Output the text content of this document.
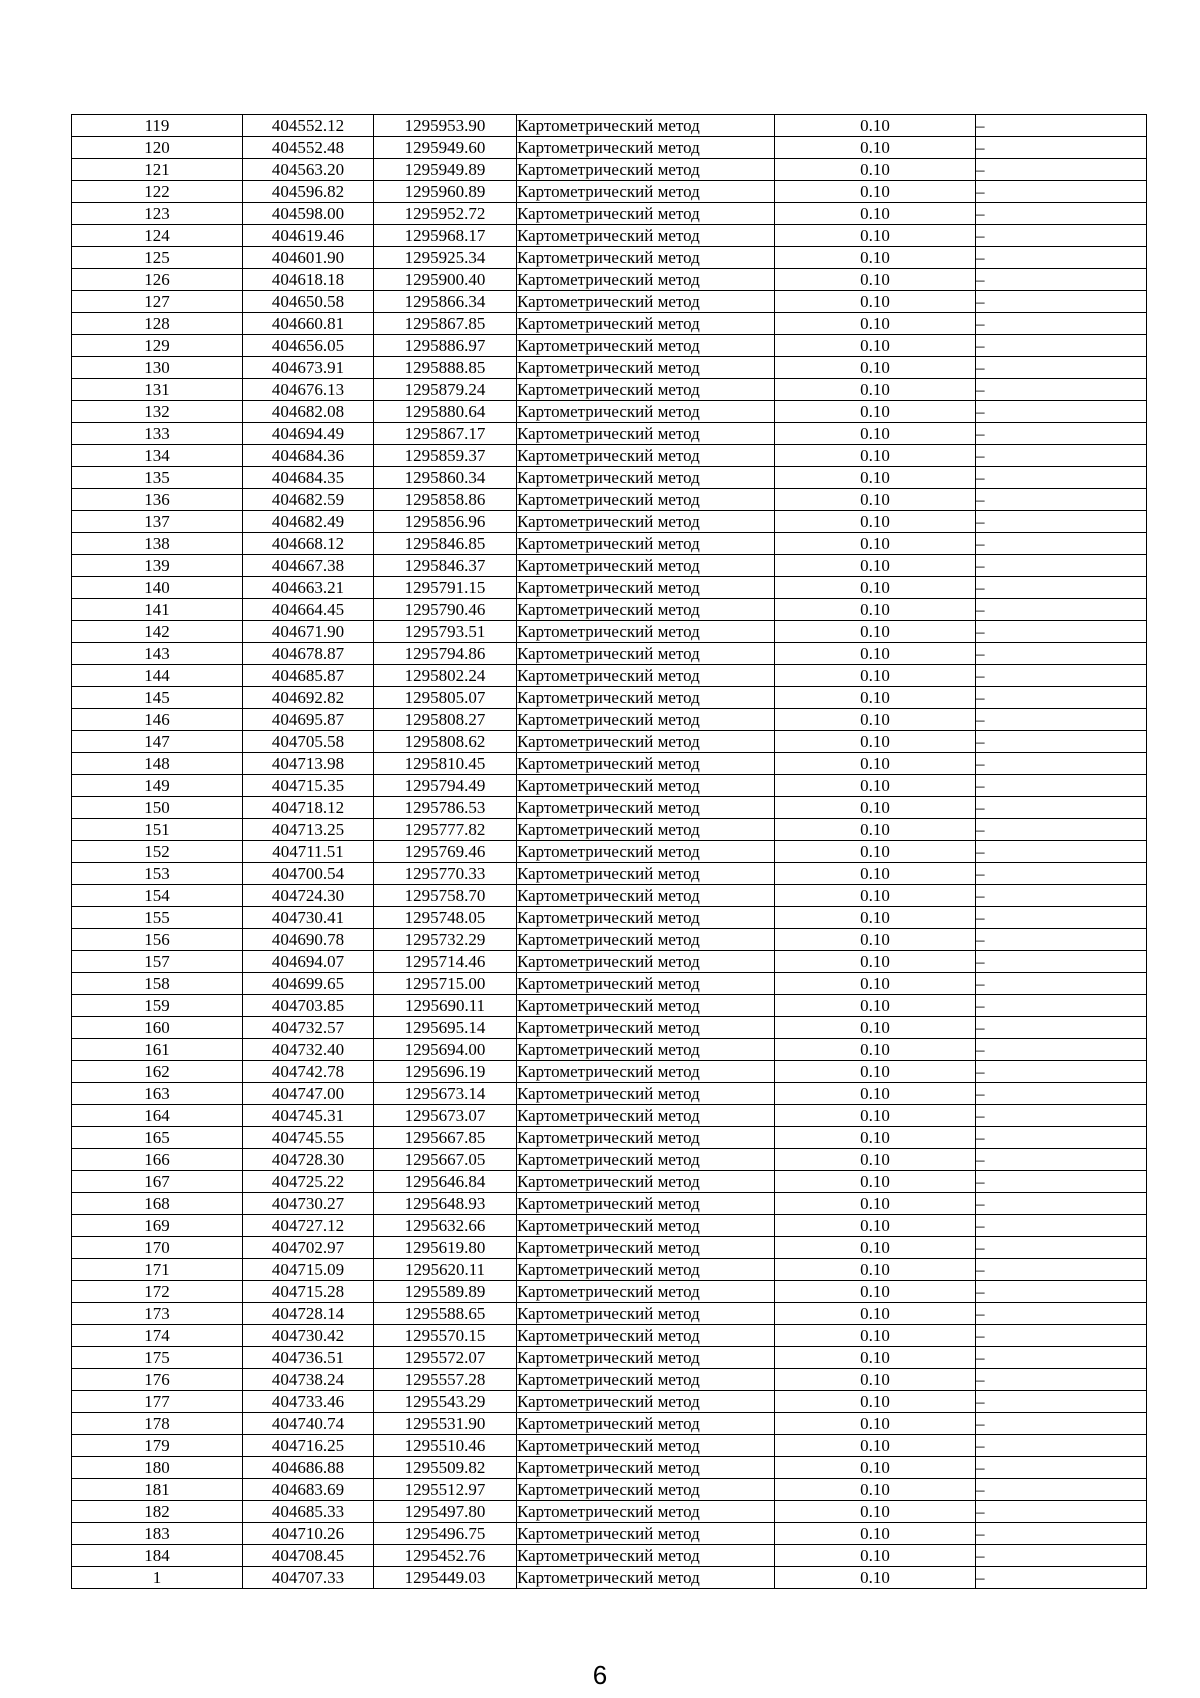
119	404552.12	1295953.90	Картометрический метод	0.10	–
120	404552.48	1295949.60	Картометрический метод	0.10	–
121	404563.20	1295949.89	Картометрический метод	0.10	–
122	404596.82	1295960.89	Картометрический метод	0.10	–
123	404598.00	1295952.72	Картометрический метод	0.10	–
124	404619.46	1295968.17	Картометрический метод	0.10	–
125	404601.90	1295925.34	Картометрический метод	0.10	–
126	404618.18	1295900.40	Картометрический метод	0.10	–
127	404650.58	1295866.34	Картометрический метод	0.10	–
128	404660.81	1295867.85	Картометрический метод	0.10	–
129	404656.05	1295886.97	Картометрический метод	0.10	–
130	404673.91	1295888.85	Картометрический метод	0.10	–
131	404676.13	1295879.24	Картометрический метод	0.10	–
132	404682.08	1295880.64	Картометрический метод	0.10	–
133	404694.49	1295867.17	Картометрический метод	0.10	–
134	404684.36	1295859.37	Картометрический метод	0.10	–
135	404684.35	1295860.34	Картометрический метод	0.10	–
136	404682.59	1295858.86	Картометрический метод	0.10	–
137	404682.49	1295856.96	Картометрический метод	0.10	–
138	404668.12	1295846.85	Картометрический метод	0.10	–
139	404667.38	1295846.37	Картометрический метод	0.10	–
140	404663.21	1295791.15	Картометрический метод	0.10	–
141	404664.45	1295790.46	Картометрический метод	0.10	–
142	404671.90	1295793.51	Картометрический метод	0.10	–
143	404678.87	1295794.86	Картометрический метод	0.10	–
144	404685.87	1295802.24	Картометрический метод	0.10	–
145	404692.82	1295805.07	Картометрический метод	0.10	–
146	404695.87	1295808.27	Картометрический метод	0.10	–
147	404705.58	1295808.62	Картометрический метод	0.10	–
148	404713.98	1295810.45	Картометрический метод	0.10	–
149	404715.35	1295794.49	Картометрический метод	0.10	–
150	404718.12	1295786.53	Картометрический метод	0.10	–
151	404713.25	1295777.82	Картометрический метод	0.10	–
152	404711.51	1295769.46	Картометрический метод	0.10	–
153	404700.54	1295770.33	Картометрический метод	0.10	–
154	404724.30	1295758.70	Картометрический метод	0.10	–
155	404730.41	1295748.05	Картометрический метод	0.10	–
156	404690.78	1295732.29	Картометрический метод	0.10	–
157	404694.07	1295714.46	Картометрический метод	0.10	–
158	404699.65	1295715.00	Картометрический метод	0.10	–
159	404703.85	1295690.11	Картометрический метод	0.10	–
160	404732.57	1295695.14	Картометрический метод	0.10	–
161	404732.40	1295694.00	Картометрический метод	0.10	–
162	404742.78	1295696.19	Картометрический метод	0.10	–
163	404747.00	1295673.14	Картометрический метод	0.10	–
164	404745.31	1295673.07	Картометрический метод	0.10	–
165	404745.55	1295667.85	Картометрический метод	0.10	–
166	404728.30	1295667.05	Картометрический метод	0.10	–
167	404725.22	1295646.84	Картометрический метод	0.10	–
168	404730.27	1295648.93	Картометрический метод	0.10	–
169	404727.12	1295632.66	Картометрический метод	0.10	–
170	404702.97	1295619.80	Картометрический метод	0.10	–
171	404715.09	1295620.11	Картометрический метод	0.10	–
172	404715.28	1295589.89	Картометрический метод	0.10	–
173	404728.14	1295588.65	Картометрический метод	0.10	–
174	404730.42	1295570.15	Картометрический метод	0.10	–
175	404736.51	1295572.07	Картометрический метод	0.10	–
176	404738.24	1295557.28	Картометрический метод	0.10	–
177	404733.46	1295543.29	Картометрический метод	0.10	–
178	404740.74	1295531.90	Картометрический метод	0.10	–
179	404716.25	1295510.46	Картометрический метод	0.10	–
180	404686.88	1295509.82	Картометрический метод	0.10	–
181	404683.69	1295512.97	Картометрический метод	0.10	–
182	404685.33	1295497.80	Картометрический метод	0.10	–
183	404710.26	1295496.75	Картометрический метод	0.10	–
184	404708.45	1295452.76	Картометрический метод	0.10	–
1	404707.33	1295449.03	Картометрический метод	0.10	–
6
